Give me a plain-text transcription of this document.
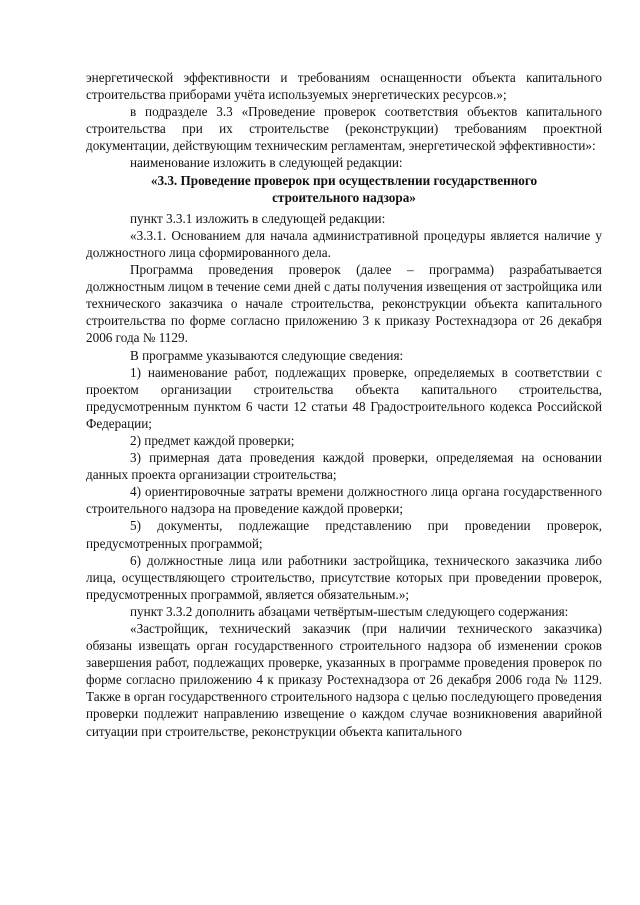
энергетической эффективности и требованиям оснащенности объекта капитального строительства приборами учёта используемых энергетических ресурсов.»;

в подразделе 3.3 «Проведение проверок соответствия объектов капитального строительства при их строительстве (реконструкции) требованиям проектной документации, действующим техническим регламентам, энергетической эффективности»:

наименование изложить в следующей редакции:

«3.3. Проведение проверок при осуществлении государственного строительного надзора»

пункт 3.3.1 изложить в следующей редакции:

«3.3.1. Основанием для начала административной процедуры является наличие у должностного лица сформированного дела.

Программа проведения проверок (далее – программа) разрабатывается должностным лицом в течение семи дней с даты получения извещения от застройщика или технического заказчика о начале строительства, реконструкции объекта капитального строительства по форме согласно приложению 3 к приказу Ростехнадзора от 26 декабря 2006 года № 1129.

В программе указываются следующие сведения:

1) наименование работ, подлежащих проверке, определяемых в соответствии с проектом организации строительства объекта капитального строительства, предусмотренным пунктом 6 части 12 статьи 48 Градостроительного кодекса Российской Федерации;

2) предмет каждой проверки;

3) примерная дата проведения каждой проверки, определяемая на основании данных проекта организации строительства;

4) ориентировочные затраты времени должностного лица органа государственного строительного надзора на проведение каждой проверки;

5) документы, подлежащие представлению при проведении проверок, предусмотренных программой;

6) должностные лица или работники застройщика, технического заказчика либо лица, осуществляющего строительство, присутствие которых при проведении проверок, предусмотренных программой, является обязательным.»;

пункт 3.3.2 дополнить абзацами четвёртым-шестым следующего содержания:

«Застройщик, технический заказчик (при наличии технического заказчика) обязаны извещать орган государственного строительного надзора об изменении сроков завершения работ, подлежащих проверке, указанных в программе проведения проверок по форме согласно приложению 4 к приказу Ростехнадзора от 26 декабря 2006 года № 1129. Также в орган государственного строительного надзора с целью последующего проведения проверки подлежит направлению извещение о каждом случае возникновения аварийной ситуации при строительстве, реконструкции объекта капитального
